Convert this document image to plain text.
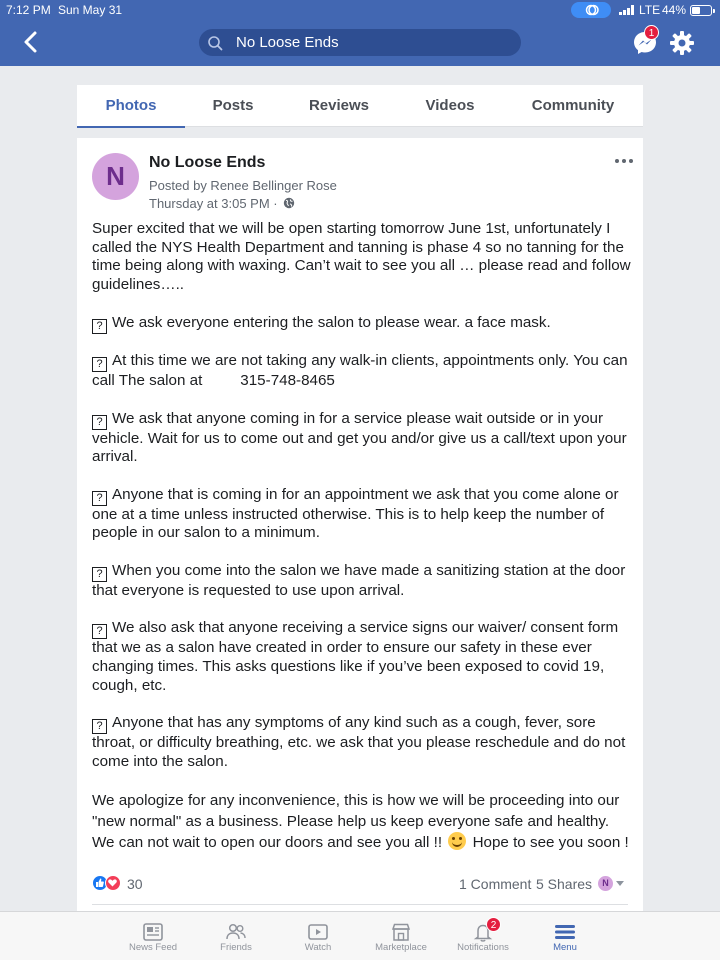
7:12 PM Sun May 31	LTE 44%
No Loose Ends
1
Photos	Posts	Reviews	Videos	Community
N	No Loose Ends
Posted by Renee Bellinger Rose
Thursday at 3:05 PM ·

Super excited that we will be open starting tomorrow June 1st, unfortunately I called the NYS Health Department and tanning is phase 4 so no tanning for the time being along with waxing. Can’t wait to see you all … please read and follow guidelines…..

? We ask everyone entering the salon to please wear. a face mask.

? At this time we are not taking any walk-in clients, appointments only. You can call The salon at         315-748-8465

? We ask that anyone coming in for a service please wait outside or in your vehicle. Wait for us to come out and get you and/or give us a call/text upon your arrival.

? Anyone that is coming in for an appointment we ask that you come alone or one at a time unless instructed otherwise. This is to help keep the number of people in our salon to a minimum.

? When you come into the salon we have made a sanitizing station at the door that everyone is requested to use upon arrival.

? We also ask that anyone receiving a service signs our waiver/ consent form that we as a salon have created in order to ensure our safety in these ever changing times. This asks questions like if you’ve been exposed to covid 19, cough, etc.

? Anyone that has any symptoms of any kind such as a cough, fever, sore throat, or difficulty breathing, etc. we ask that you please reschedule and do not come into the salon.

We apologize for any inconvenience, this is how we will be proceeding into our "new normal" as a business. Please help us keep everyone safe and healthy. We can not wait to open our doors and see you all !! Hope to see you soon !

30	1 Comment 5 Shares	N
News Feed	Friends	Watch	Marketplace
2
Notifications	Menu
